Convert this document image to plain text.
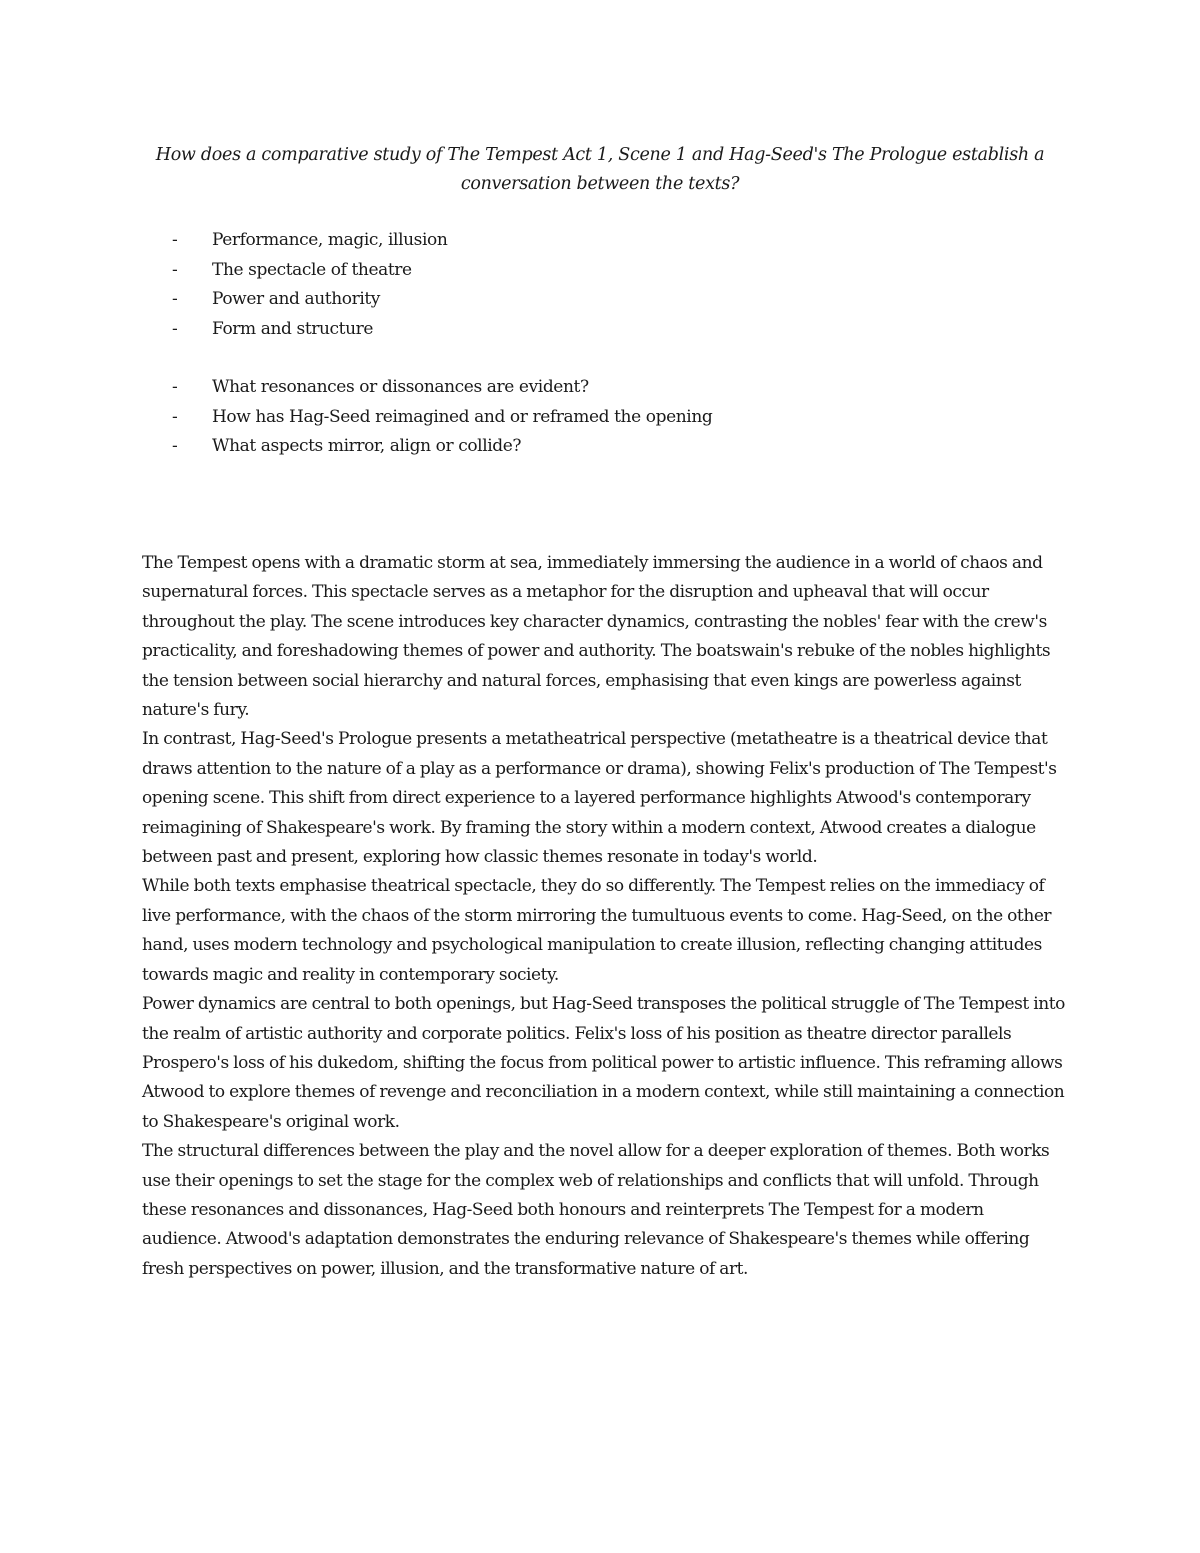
How does a comparative study of The Tempest Act 1, Scene 1 and Hag-Seed's The Prologue establish a
conversation between the texts?
- Performance, magic, illusion
- The spectacle of theatre
- Power and authority
- Form and structure
- What resonances or dissonances are evident?
- How has Hag-Seed reimagined and or reframed the opening
- What aspects mirror, align or collide?

The Tempest opens with a dramatic storm at sea, immediately immersing the audience in a world of chaos and supernatural forces. This spectacle serves as a metaphor for the disruption and upheaval that will occur throughout the play. The scene introduces key character dynamics, contrasting the nobles' fear with the crew's practicality, and foreshadowing themes of power and authority. The boatswain's rebuke of the nobles highlights the tension between social hierarchy and natural forces, emphasising that even kings are powerless against nature's fury.

In contrast, Hag-Seed's Prologue presents a metatheatrical perspective (metatheatre is a theatrical device that draws attention to the nature of a play as a performance or drama), showing Felix's production of The Tempest's opening scene. This shift from direct experience to a layered performance highlights Atwood's contemporary reimagining of Shakespeare's work. By framing the story within a modern context, Atwood creates a dialogue between past and present, exploring how classic themes resonate in today's world.

While both texts emphasise theatrical spectacle, they do so differently. The Tempest relies on the immediacy of live performance, with the chaos of the storm mirroring the tumultuous events to come. Hag-Seed, on the other hand, uses modern technology and psychological manipulation to create illusion, reflecting changing attitudes towards magic and reality in contemporary society.

Power dynamics are central to both openings, but Hag-Seed transposes the political struggle of The Tempest into the realm of artistic authority and corporate politics. Felix's loss of his position as theatre director parallels Prospero's loss of his dukedom, shifting the focus from political power to artistic influence. This reframing allows Atwood to explore themes of revenge and reconciliation in a modern context, while still maintaining a connection to Shakespeare's original work.

The structural differences between the play and the novel allow for a deeper exploration of themes. Both works use their openings to set the stage for the complex web of relationships and conflicts that will unfold. Through these resonances and dissonances, Hag-Seed both honours and reinterprets The Tempest for a modern audience. Atwood's adaptation demonstrates the enduring relevance of Shakespeare's themes while offering fresh perspectives on power, illusion, and the transformative nature of art.
